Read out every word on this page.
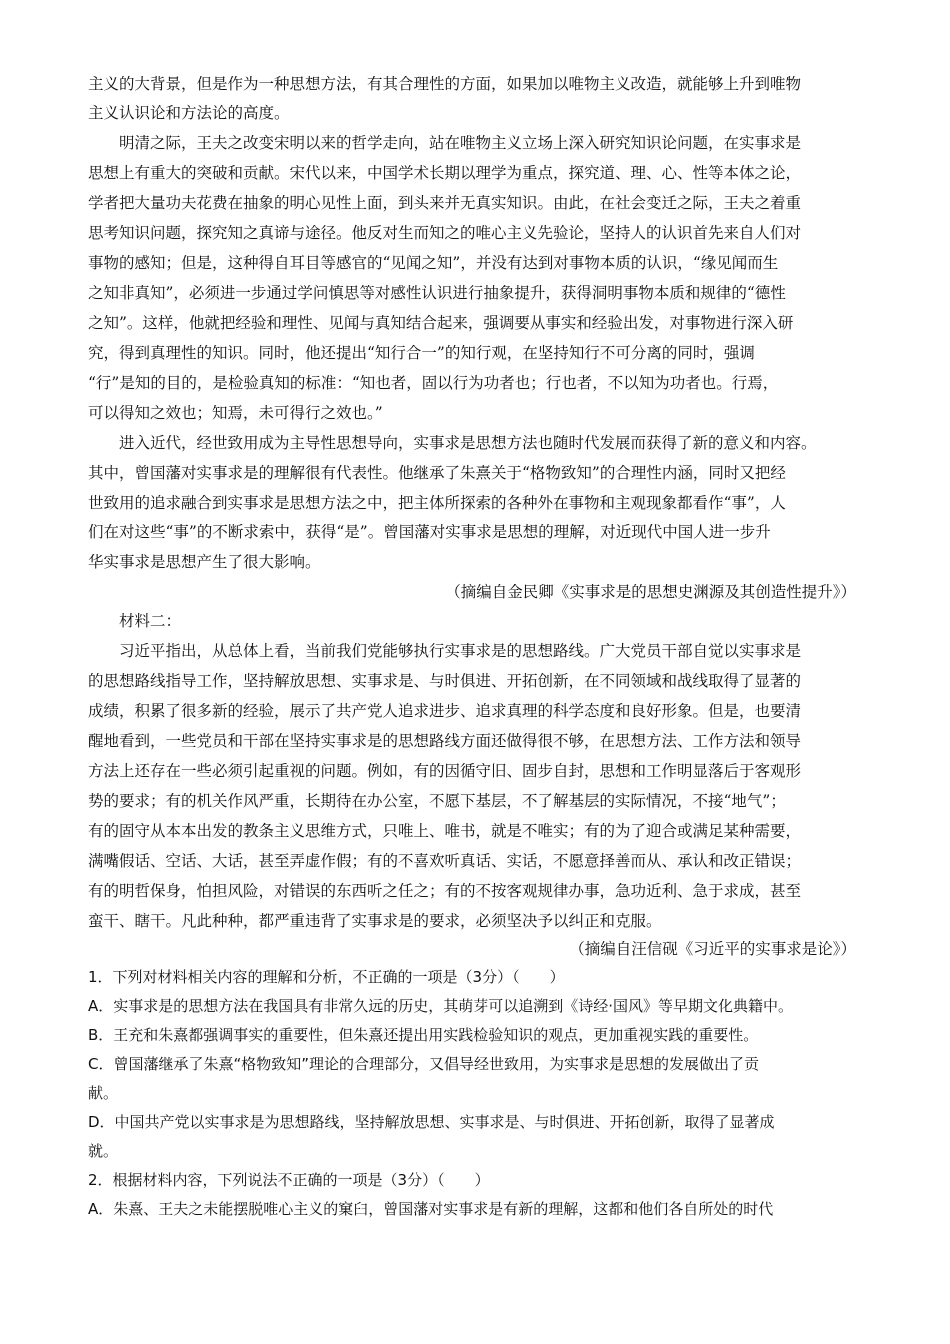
主义的大背景，但是作为一种思想方法，有其合理性的方面，如果加以唯物主义改造，就能够上升到唯物
主义认识论和方法论的高度。
　　明清之际，王夫之改变宋明以来的哲学走向，站在唯物主义立场上深入研究知识论问题，在实事求是
思想上有重大的突破和贡献。宋代以来，中国学术长期以理学为重点，探究道、理、心、性等本体之论，
学者把大量功夫花费在抽象的明心见性上面，到头来并无真实知识。由此，在社会变迁之际，王夫之着重
思考知识问题，探究知之真谛与途径。他反对生而知之的唯心主义先验论，坚持人的认识首先来自人们对
事物的感知；但是，这种得自耳目等感官的“见闻之知”，并没有达到对事物本质的认识，“缘见闻而生
之知非真知”，必须进一步通过学问慎思等对感性认识进行抽象提升，获得洞明事物本质和规律的“德性
之知”。这样，他就把经验和理性、见闻与真知结合起来，强调要从事实和经验出发，对事物进行深入研
究，得到真理性的知识。同时，他还提出“知行合一”的知行观，在坚持知行不可分离的同时，强调
“行”是知的目的，是检验真知的标准：“知也者，固以行为功者也；行也者，不以知为功者也。行焉，
可以得知之效也；知焉，未可得行之效也。”
　　进入近代，经世致用成为主导性思想导向，实事求是思想方法也随时代发展而获得了新的意义和内容。
其中，曾国藩对实事求是的理解很有代表性。他继承了朱熹关于“格物致知”的合理性内涵，同时又把经
世致用的追求融合到实事求是思想方法之中，把主体所探索的各种外在事物和主观现象都看作“事”，人
们在对这些“事”的不断求索中，获得“是”。曾国藩对实事求是思想的理解，对近现代中国人进一步升
华实事求是思想产生了很大影响。
（摘编自金民卿《实事求是的思想史渊源及其创造性提升》）
　　材料二：
　　习近平指出，从总体上看，当前我们党能够执行实事求是的思想路线。广大党员干部自觉以实事求是
的思想路线指导工作，坚持解放思想、实事求是、与时俱进、开拓创新，在不同领域和战线取得了显著的
成绩，积累了很多新的经验，展示了共产党人追求进步、追求真理的科学态度和良好形象。但是，也要清
醒地看到，一些党员和干部在坚持实事求是的思想路线方面还做得很不够，在思想方法、工作方法和领导
方法上还存在一些必须引起重视的问题。例如，有的因循守旧、固步自封，思想和工作明显落后于客观形
势的要求；有的机关作风严重，长期待在办公室，不愿下基层，不了解基层的实际情况，不接“地气”；
有的固守从本本出发的教条主义思维方式，只唯上、唯书，就是不唯实；有的为了迎合或满足某种需要，
满嘴假话、空话、大话，甚至弄虚作假；有的不喜欢听真话、实话，不愿意择善而从、承认和改正错误；
有的明哲保身，怕担风险，对错误的东西听之任之；有的不按客观规律办事，急功近利、急于求成，甚至
蛮干、瞎干。凡此种种，都严重违背了实事求是的要求，必须坚决予以纠正和克服。
（摘编自汪信砚《习近平的实事求是论》）
1．下列对材料相关内容的理解和分析，不正确的一项是（3分）（　　）
A．实事求是的思想方法在我国具有非常久远的历史，其萌芽可以追溯到《诗经·国风》等早期文化典籍中。
B．王充和朱熹都强调事实的重要性，但朱熹还提出用实践检验知识的观点，更加重视实践的重要性。
C．曾国藩继承了朱熹“格物致知”理论的合理部分，又倡导经世致用，为实事求是思想的发展做出了贡
献。
D．中国共产党以实事求是为思想路线，坚持解放思想、实事求是、与时俱进、开拓创新，取得了显著成
就。
2．根据材料内容，下列说法不正确的一项是（3分）（　　）
A．朱熹、王夫之未能摆脱唯心主义的窠臼，曾国藩对实事求是有新的理解，这都和他们各自所处的时代
